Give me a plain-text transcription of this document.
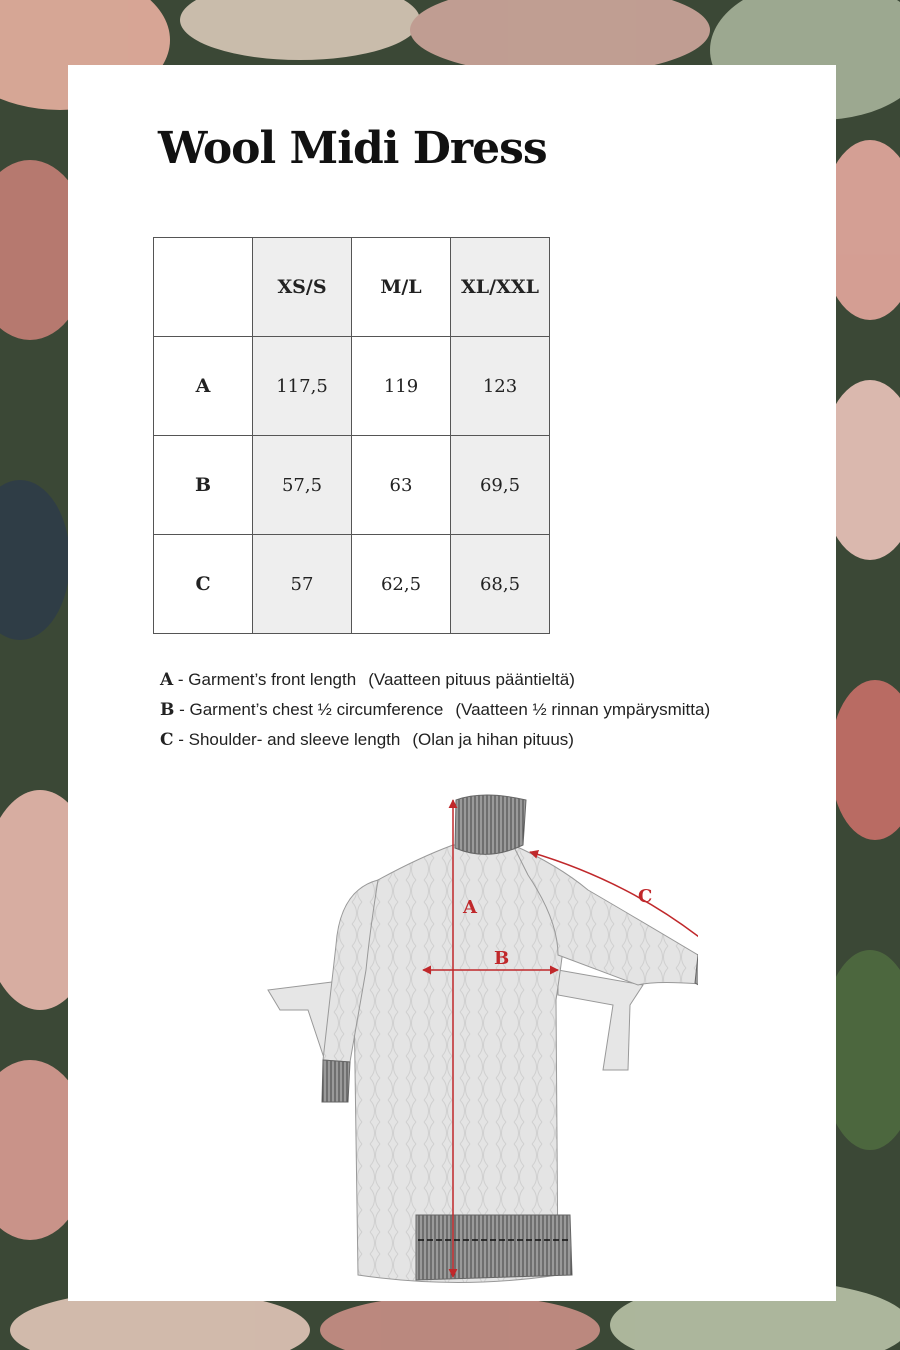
Wool Midi Dress
	XS/S	M/L	XL/XXL
A	117,5	119	123
B	57,5	63	69,5
C	57	62,5	68,5
A - Garment’s front length (Vaatteen pituus pääntieltä)
B - Garment’s chest ½ circumference (Vaatteen ½ rinnan ympärysmitta)
C - Shoulder- and sleeve length (Olan ja hihan pituus)
A
B
C
